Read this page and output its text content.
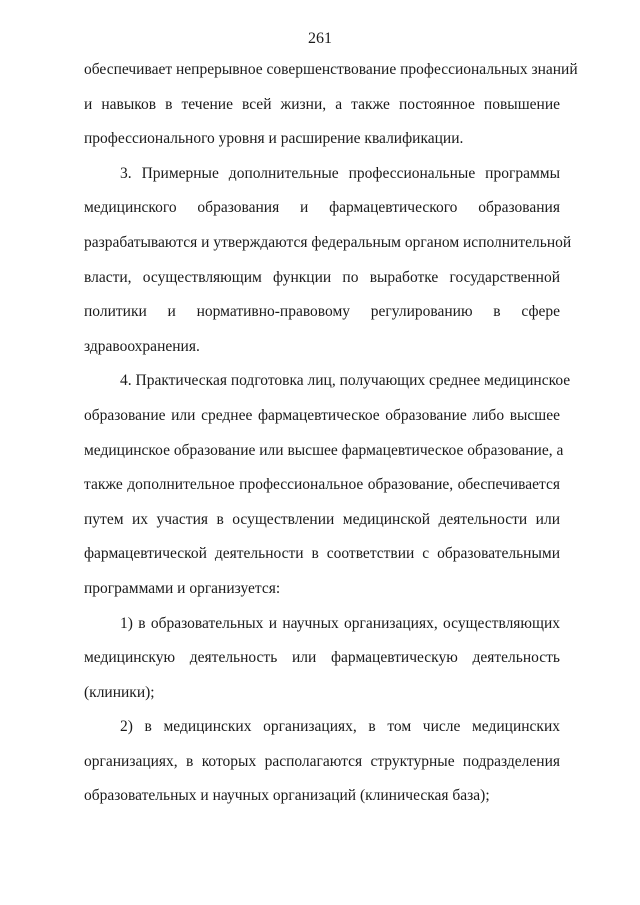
261
обеспечивает непрерывное совершенствование профессиональных знаний
и навыков в течение всей жизни, а также постоянное повышение
профессионального уровня и расширение квалификации.
3. Примерные дополнительные профессиональные программы
медицинского образования и фармацевтического образования
разрабатываются и утверждаются федеральным органом исполнительной
власти, осуществляющим функции по выработке государственной
политики и нормативно-правовому регулированию в сфере
здравоохранения.
4. Практическая подготовка лиц, получающих среднее медицинское
образование или среднее фармацевтическое образование либо высшее
медицинское образование или высшее фармацевтическое образование, а
также дополнительное профессиональное образование, обеспечивается
путем их участия в осуществлении медицинской деятельности или
фармацевтической деятельности в соответствии с образовательными
программами и организуется:
1) в образовательных и научных организациях, осуществляющих
медицинскую деятельность или фармацевтическую деятельность
(клиники);
2) в медицинских организациях, в том числе медицинских
организациях, в которых располагаются структурные подразделения
образовательных и научных организаций (клиническая база);
